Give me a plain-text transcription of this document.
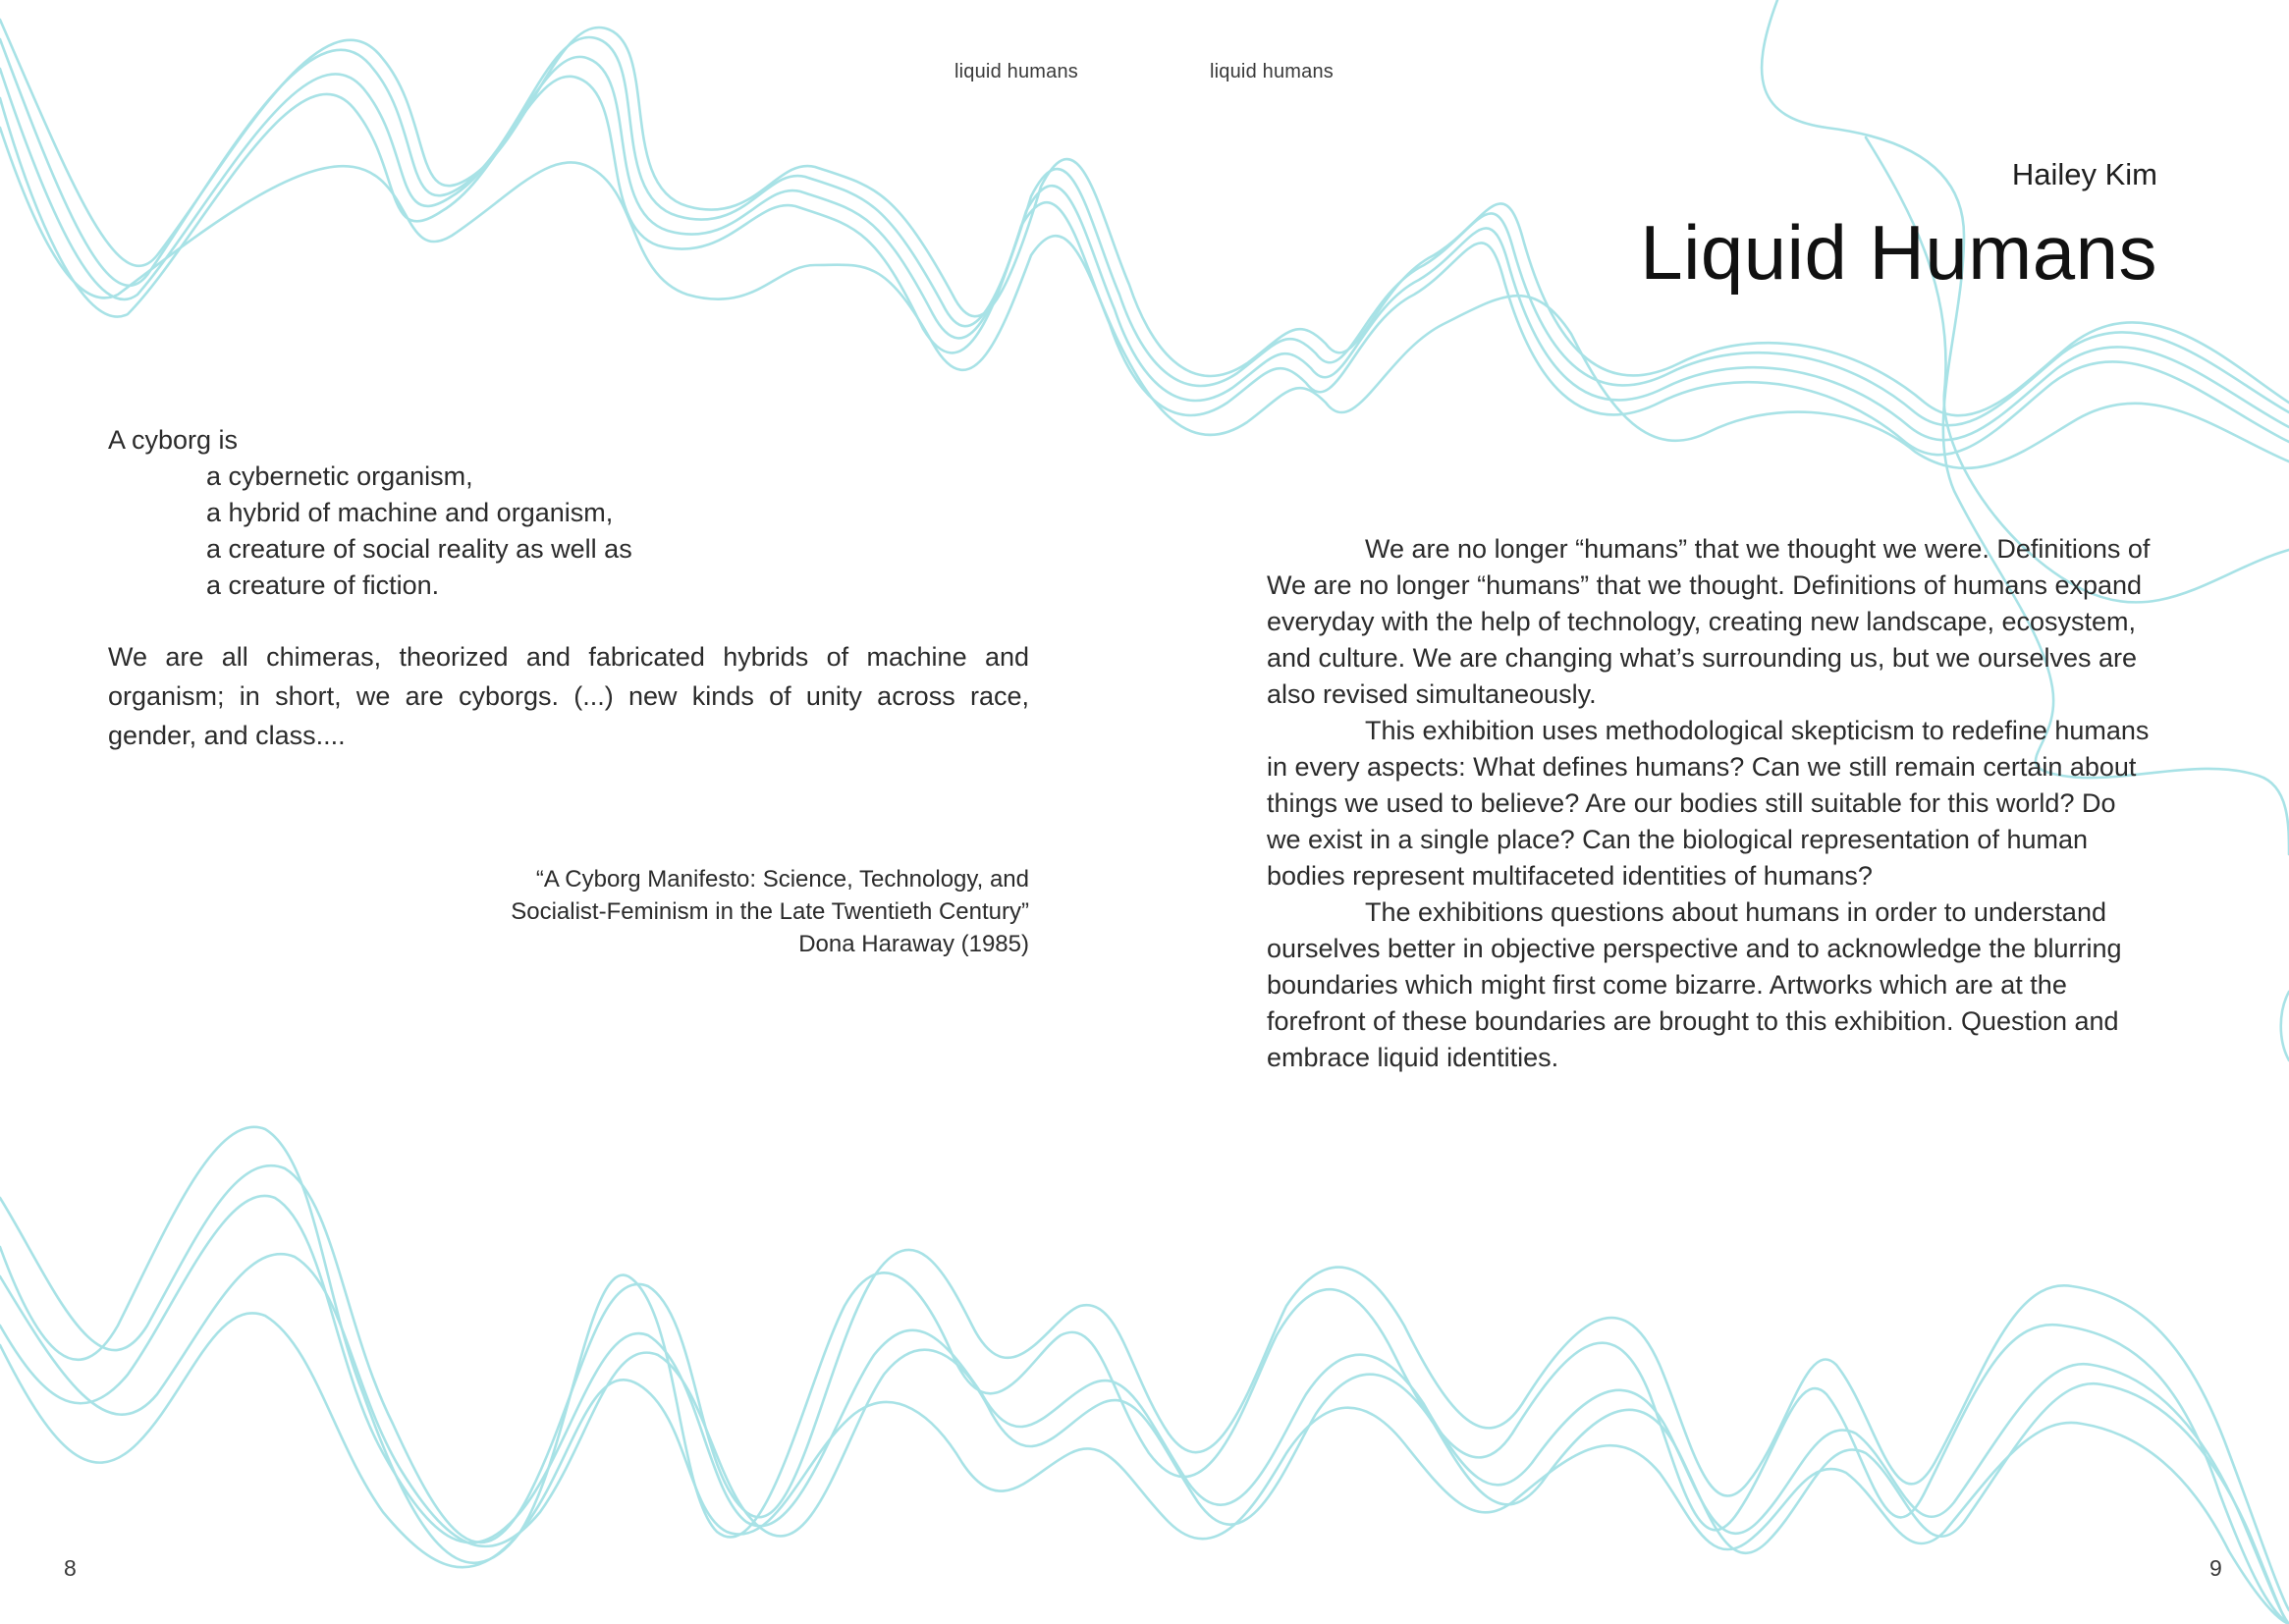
liquid humans	liquid humans
Hailey Kim
Liquid Humans
A cyborg is
a cybernetic organism,
a hybrid of machine and organism,
a creature of social reality as well as
a creature of fiction.
We are all chimeras, theorized and fabricated hybrids of machine and organism; in short, we are cyborgs. (...) new kinds of unity across race, gender, and class....
“A Cyborg Manifesto: Science, Technology, and
Socialist-Feminism in the Late Twentieth Century”
Dona Haraway (1985)

We are no longer “humans” that we thought we were. Definitions of We are no longer “humans” that we thought. Definitions of humans expand everyday with the help of technology, creating new landscape, ecosystem, and culture. We are changing what’s surrounding us, but we ourselves are also revised simultaneously.

This exhibition uses methodological skepticism to redefine humans in every aspects: What defines humans? Can we still remain certain about things we used to believe? Are our bodies still suitable for this world? Do we exist in a single place? Can the biological representation of human bodies represent multifaceted identities of humans?

The exhibitions questions about humans in order to understand ourselves better in objective perspective and to acknowledge the blurring boundaries which might first come bizarre. Artworks which are at the forefront of these boundaries are brought to this exhibition. Question and embrace liquid identities.

8	9
